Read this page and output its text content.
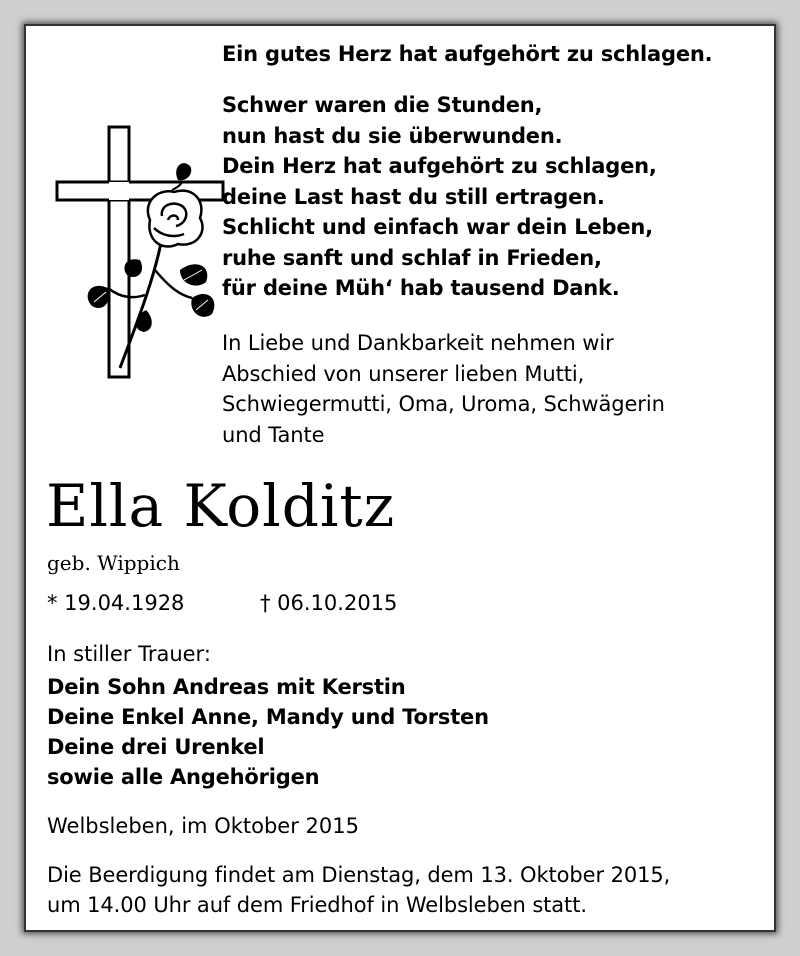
Ein gutes Herz hat aufgehört zu schlagen.
Schwer waren die Stunden,
nun hast du sie überwunden.
Dein Herz hat aufgehört zu schlagen,
deine Last hast du still ertragen.
Schlicht und einfach war dein Leben,
ruhe sanft und schlaf in Frieden,
für deine Müh‘ hab tausend Dank.
In Liebe und Dankbarkeit nehmen wir
Abschied von unserer lieben Mutti,
Schwiegermutti, Oma, Uroma, Schwägerin
und Tante
Ella Kolditz
geb. Wippich
* 19.04.1928	† 06.10.2015
In stiller Trauer:
Dein Sohn Andreas mit Kerstin
Deine Enkel Anne, Mandy und Torsten
Deine drei Urenkel
sowie alle Angehörigen
Welbsleben, im Oktober 2015
Die Beerdigung findet am Dienstag, dem 13. Oktober 2015,
um 14.00 Uhr auf dem Friedhof in Welbsleben statt.
